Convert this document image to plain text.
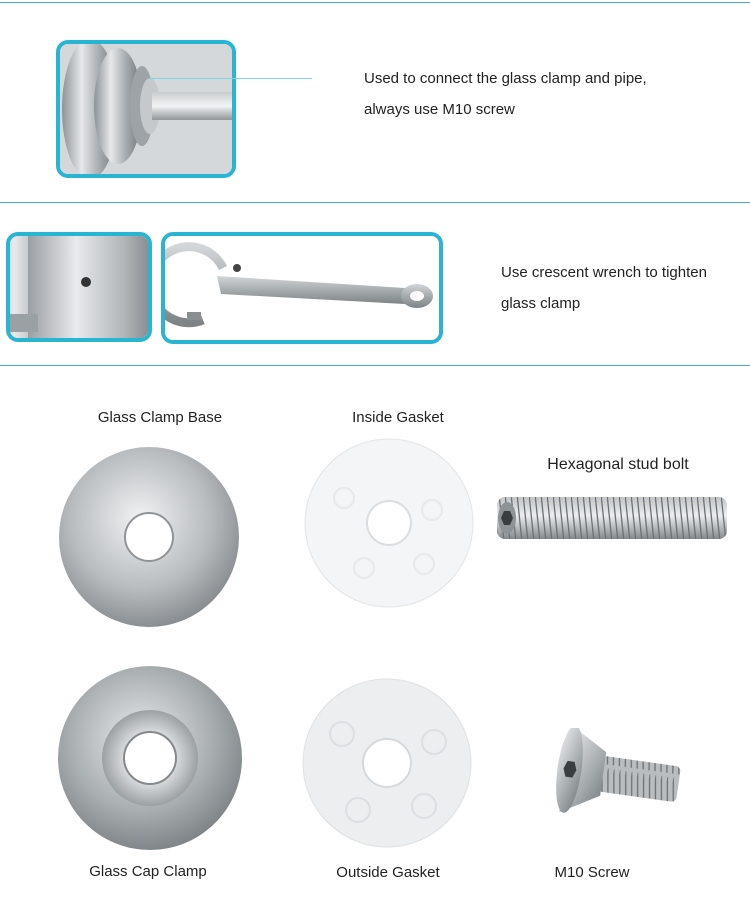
Used to connect the glass clamp and pipe,
always use M10 screw
Use crescent wrench to tighten
glass clamp
Glass Clamp Base	Inside Gasket
Hexagonal stud bolt
Glass Cap Clamp	Outside Gasket	M10 Screw
